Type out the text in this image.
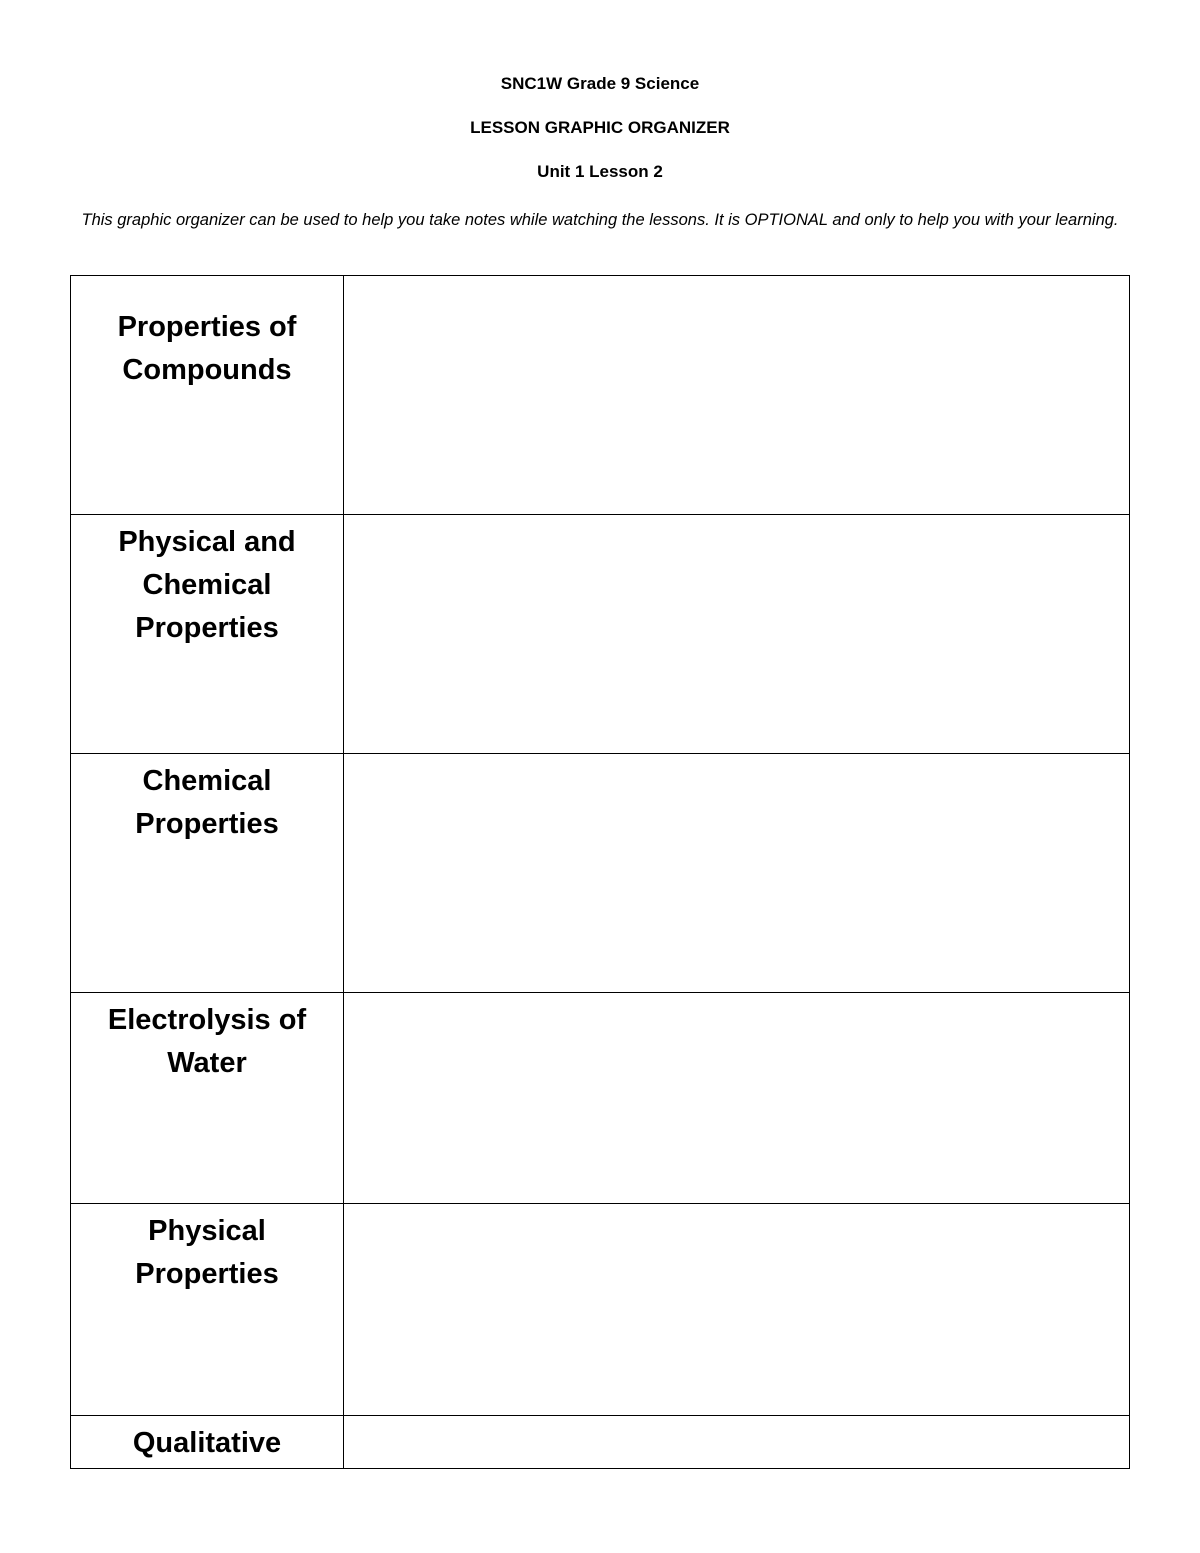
SNC1W Grade 9 Science
LESSON GRAPHIC ORGANIZER
Unit 1 Lesson 2
This graphic organizer can be used to help you take notes while watching the lessons. It is OPTIONAL and only to help you with your learning.
Properties of Compounds	

Physical and Chemical Properties	

Chemical Properties	

Electrolysis of Water	

Physical Properties	

Qualitative	
